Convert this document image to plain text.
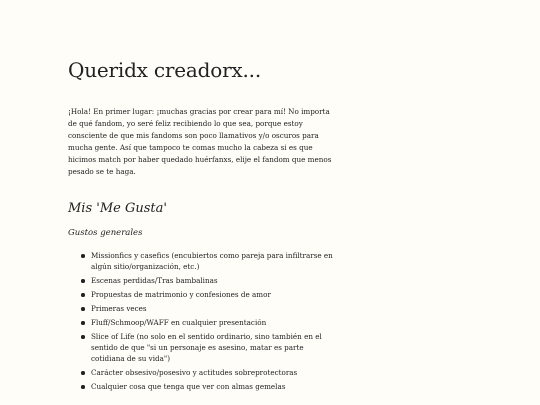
Queridx creadorx...

¡Hola! En primer lugar: ¡muchas gracias por crear para mí! No importa de qué fandom, yo seré feliz recibiendo lo que sea, porque estoy consciente de que mis fandoms son poco llamativos y/o oscuros para mucha gente. Así que tampoco te comas mucho la cabeza si es que hicimos match por haber quedado huérfanxs, elije el fandom que menos pesado se te haga.

Mis 'Me Gusta'
Gustos generales
Missionfics y casefics (encubiertos como pareja para infiltrarse en algún sitio/organización, etc.)
Escenas perdidas/Tras bambalinas
Propuestas de matrimonio y confesiones de amor
Primeras veces
Fluff/Schmoop/WAFF en cualquier presentación
Slice of Life (no solo en el sentido ordinario, sino también en el sentido de que "si un personaje es asesino, matar es parte cotidiana de su vida")
Carácter obsesivo/posesivo y actitudes sobreprotectoras
Cualquier cosa que tenga que ver con almas gemelas
